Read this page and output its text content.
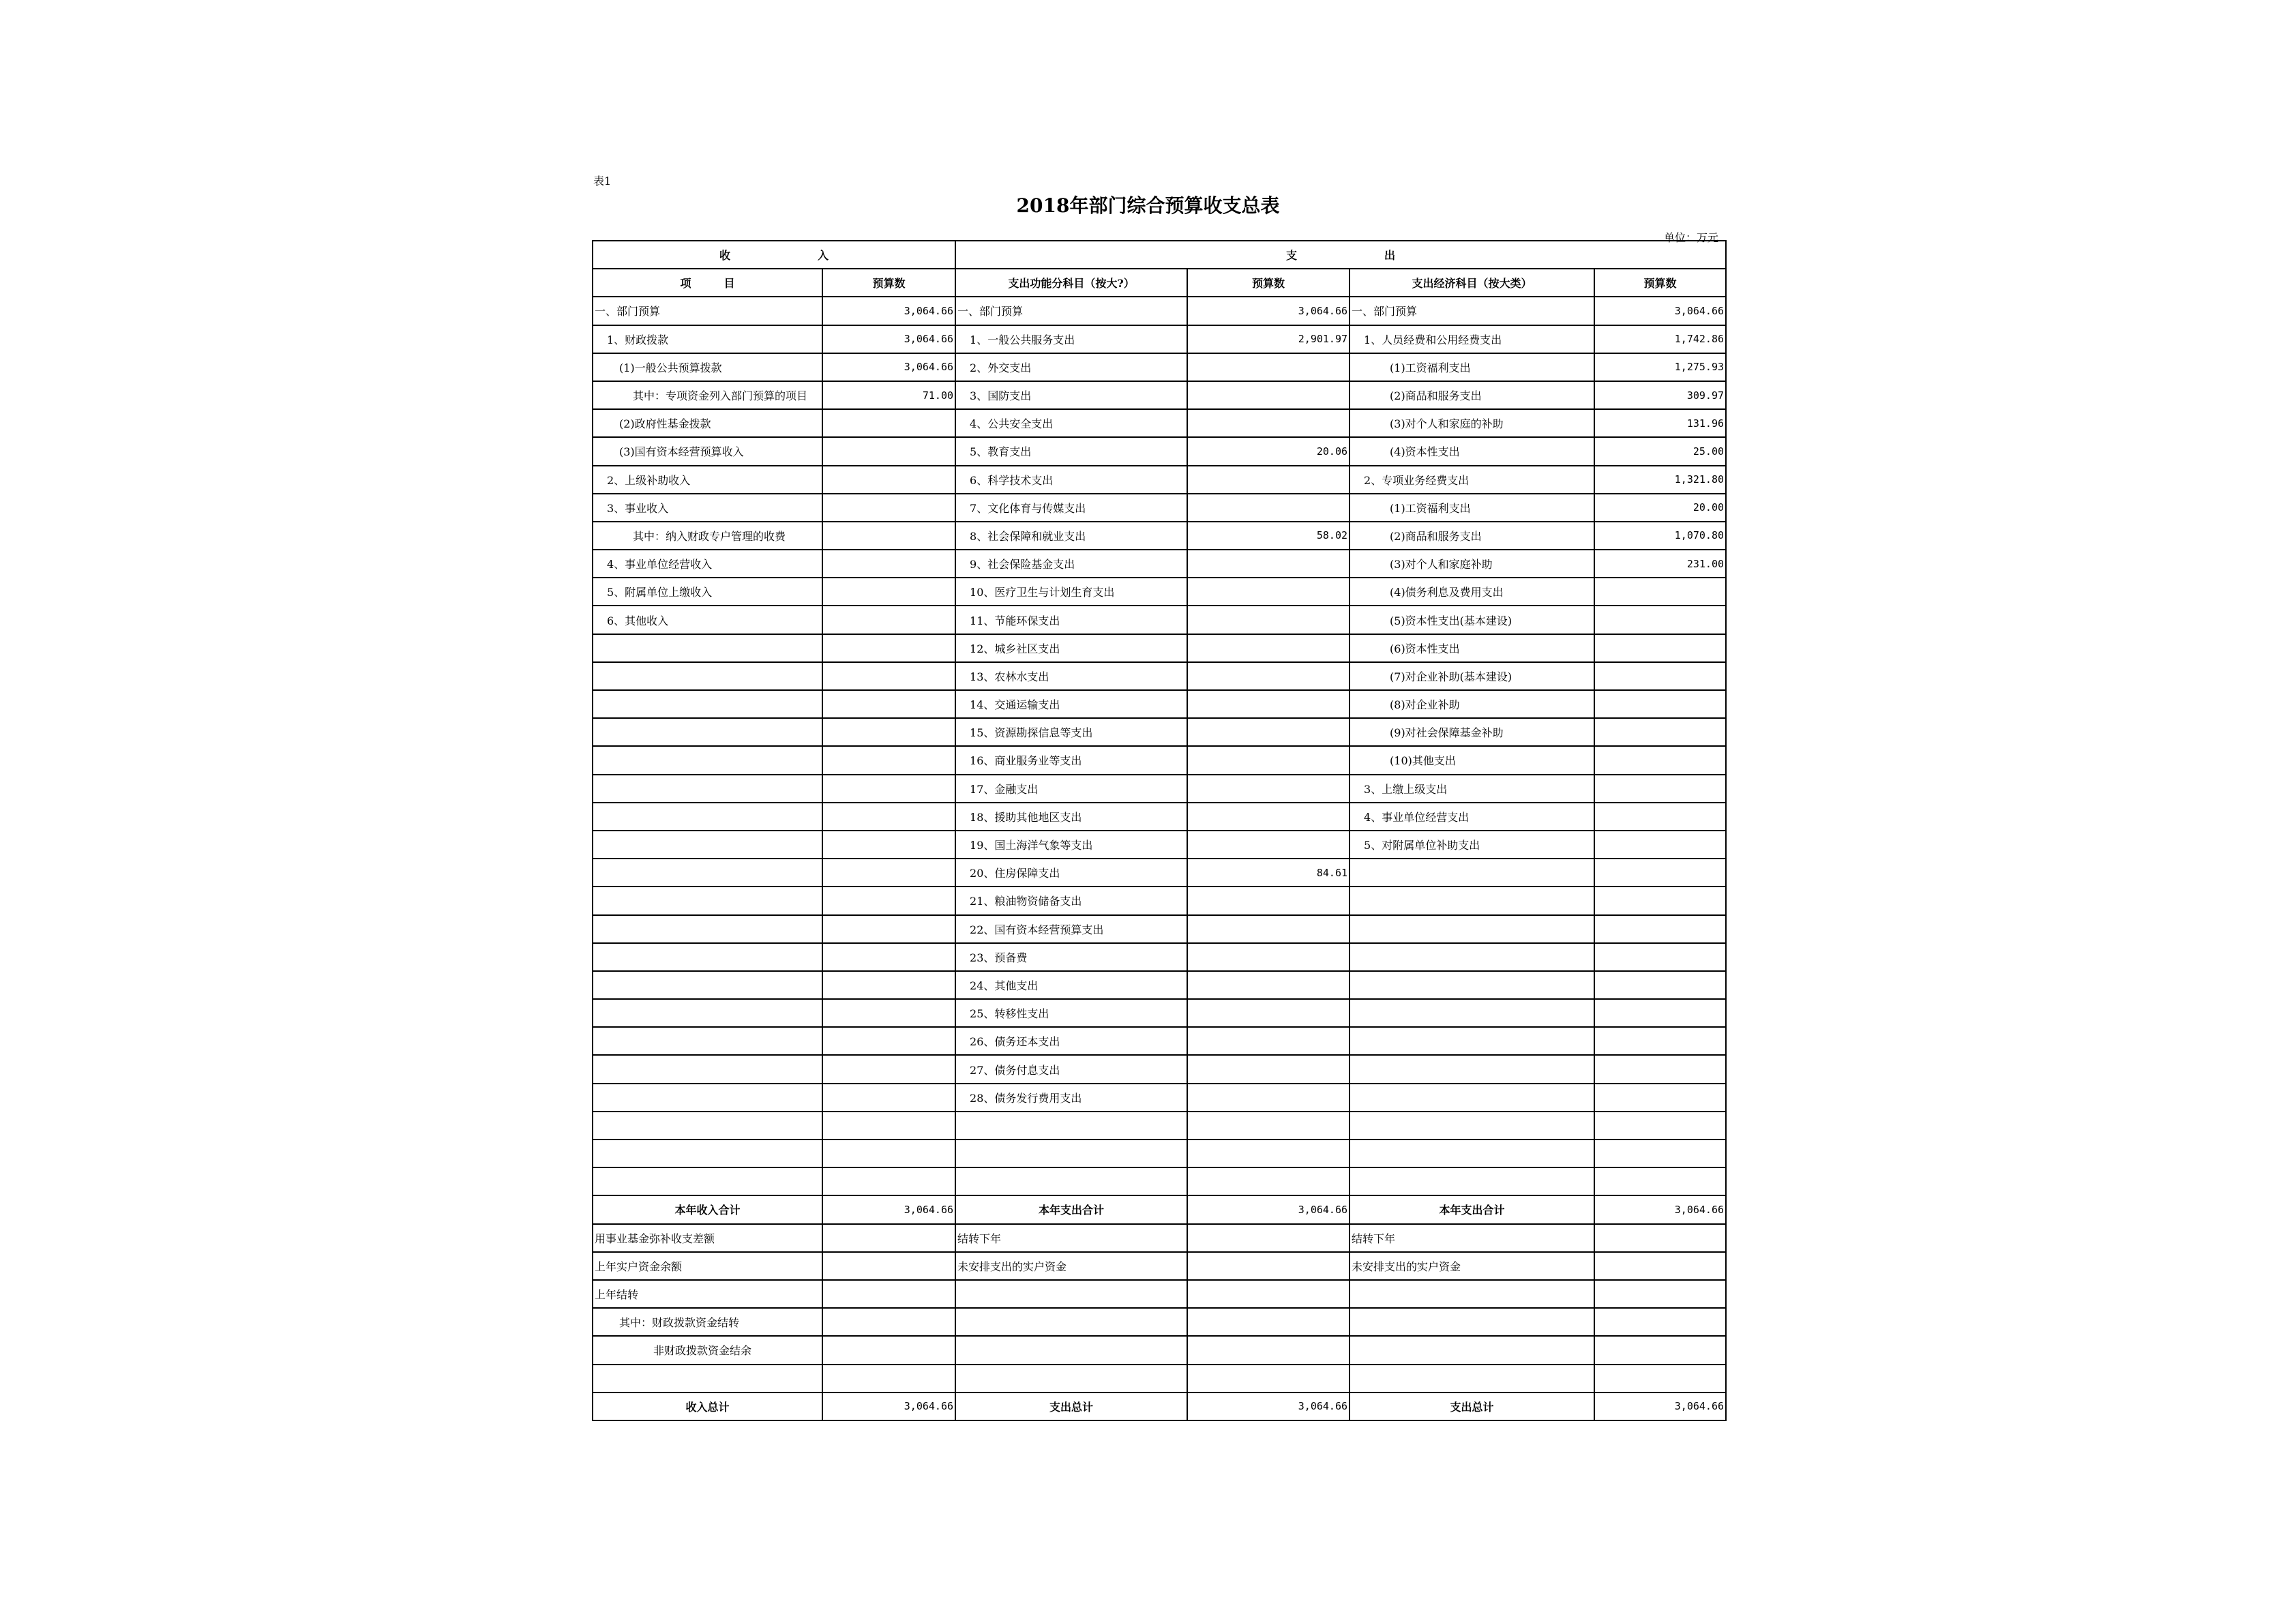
表1
2018年部门综合预算收支总表
单位：万元
收　　　　　　　　入		支　　　　　　　　出			
项　　　目	预算数	支出功能分科目（按大?）	预算数	支出经济科目（按大类）	预算数
一、部门预算	3,064.66	一、部门预算	3,064.66	一、部门预算	3,064.66
1、财政拨款	3,064.66	1、一般公共服务支出	2,901.97	1、人员经费和公用经费支出	1,742.86
(1)一般公共预算拨款	3,064.66	2、外交支出		(1)工资福利支出	1,275.93
其中：专项资金列入部门预算的项目	71.00	3、国防支出		(2)商品和服务支出	309.97
(2)政府性基金拨款		4、公共安全支出		(3)对个人和家庭的补助	131.96
(3)国有资本经营预算收入		5、教育支出	20.06	(4)资本性支出	25.00
2、上级补助收入		6、科学技术支出		2、专项业务经费支出	1,321.80
3、事业收入		7、文化体育与传媒支出		(1)工资福利支出	20.00
其中：纳入财政专户管理的收费		8、社会保障和就业支出	58.02	(2)商品和服务支出	1,070.80
4、事业单位经营收入		9、社会保险基金支出		(3)对个人和家庭补助	231.00
5、附属单位上缴收入		10、医疗卫生与计划生育支出		(4)债务利息及费用支出	
6、其他收入		11、节能环保支出		(5)资本性支出(基本建设)	
		12、城乡社区支出		(6)资本性支出	
		13、农林水支出		(7)对企业补助(基本建设)	
		14、交通运输支出		(8)对企业补助	
		15、资源勘探信息等支出		(9)对社会保障基金补助	
		16、商业服务业等支出		(10)其他支出	
		17、金融支出		3、上缴上级支出	
		18、援助其他地区支出		4、事业单位经营支出	
		19、国土海洋气象等支出		5、对附属单位补助支出	
		20、住房保障支出	84.61		
		21、粮油物资储备支出			
		22、国有资本经营预算支出			
		23、预备费			
		24、其他支出			
		25、转移性支出			
		26、债务还本支出			
		27、债务付息支出			
		28、债务发行费用支出			

本年收入合计	3,064.66	本年支出合计	3,064.66	本年支出合计	3,064.66
用事业基金弥补收支差额		结转下年		结转下年	
上年实户资金余额		未安排支出的实户资金		未安排支出的实户资金	
上年结转					
其中：财政拨款资金结转					
非财政拨款资金结余					

收入总计	3,064.66	支出总计	3,064.66	支出总计	3,064.66
